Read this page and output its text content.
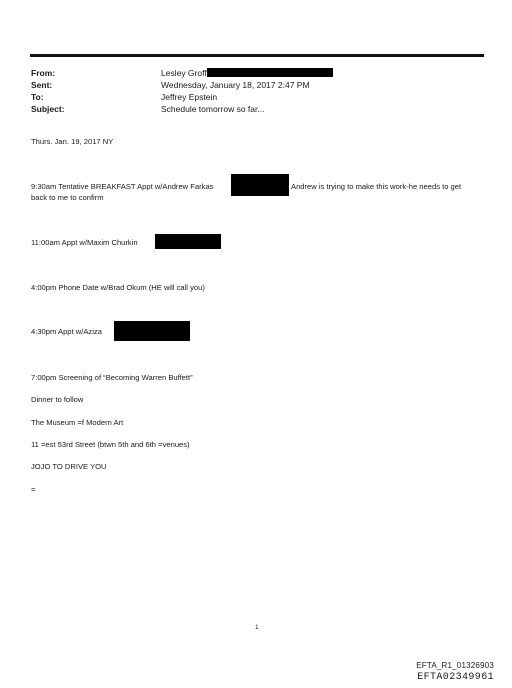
From:	Lesley Groff
Sent:	Wednesday, January 18, 2017 2:47 PM
To:	Jeffrey Epstein
Subject:	Schedule tomorrow so far...
Thurs. Jan. 19, 2017 NY
9:30am Tentative BREAKFAST Appt w/Andrew Farkas	Andrew is trying to make this work-he needs to get
back to me to confirm
11:00am Appt w/Maxim Churkin
4:00pm Phone Date w/Brad Okum (HE will call you)
4:30pm Appt w/Aziza
7:00pm Screening of “Becoming Warren Buffett”
Dinner to follow
The Museum =f Modern Art
11 =est 53rd Street (btwn 5th and 6th =venues)
JOJO TO DRIVE YOU
=
1
EFTA_R1_01326903
EFTA02349961
